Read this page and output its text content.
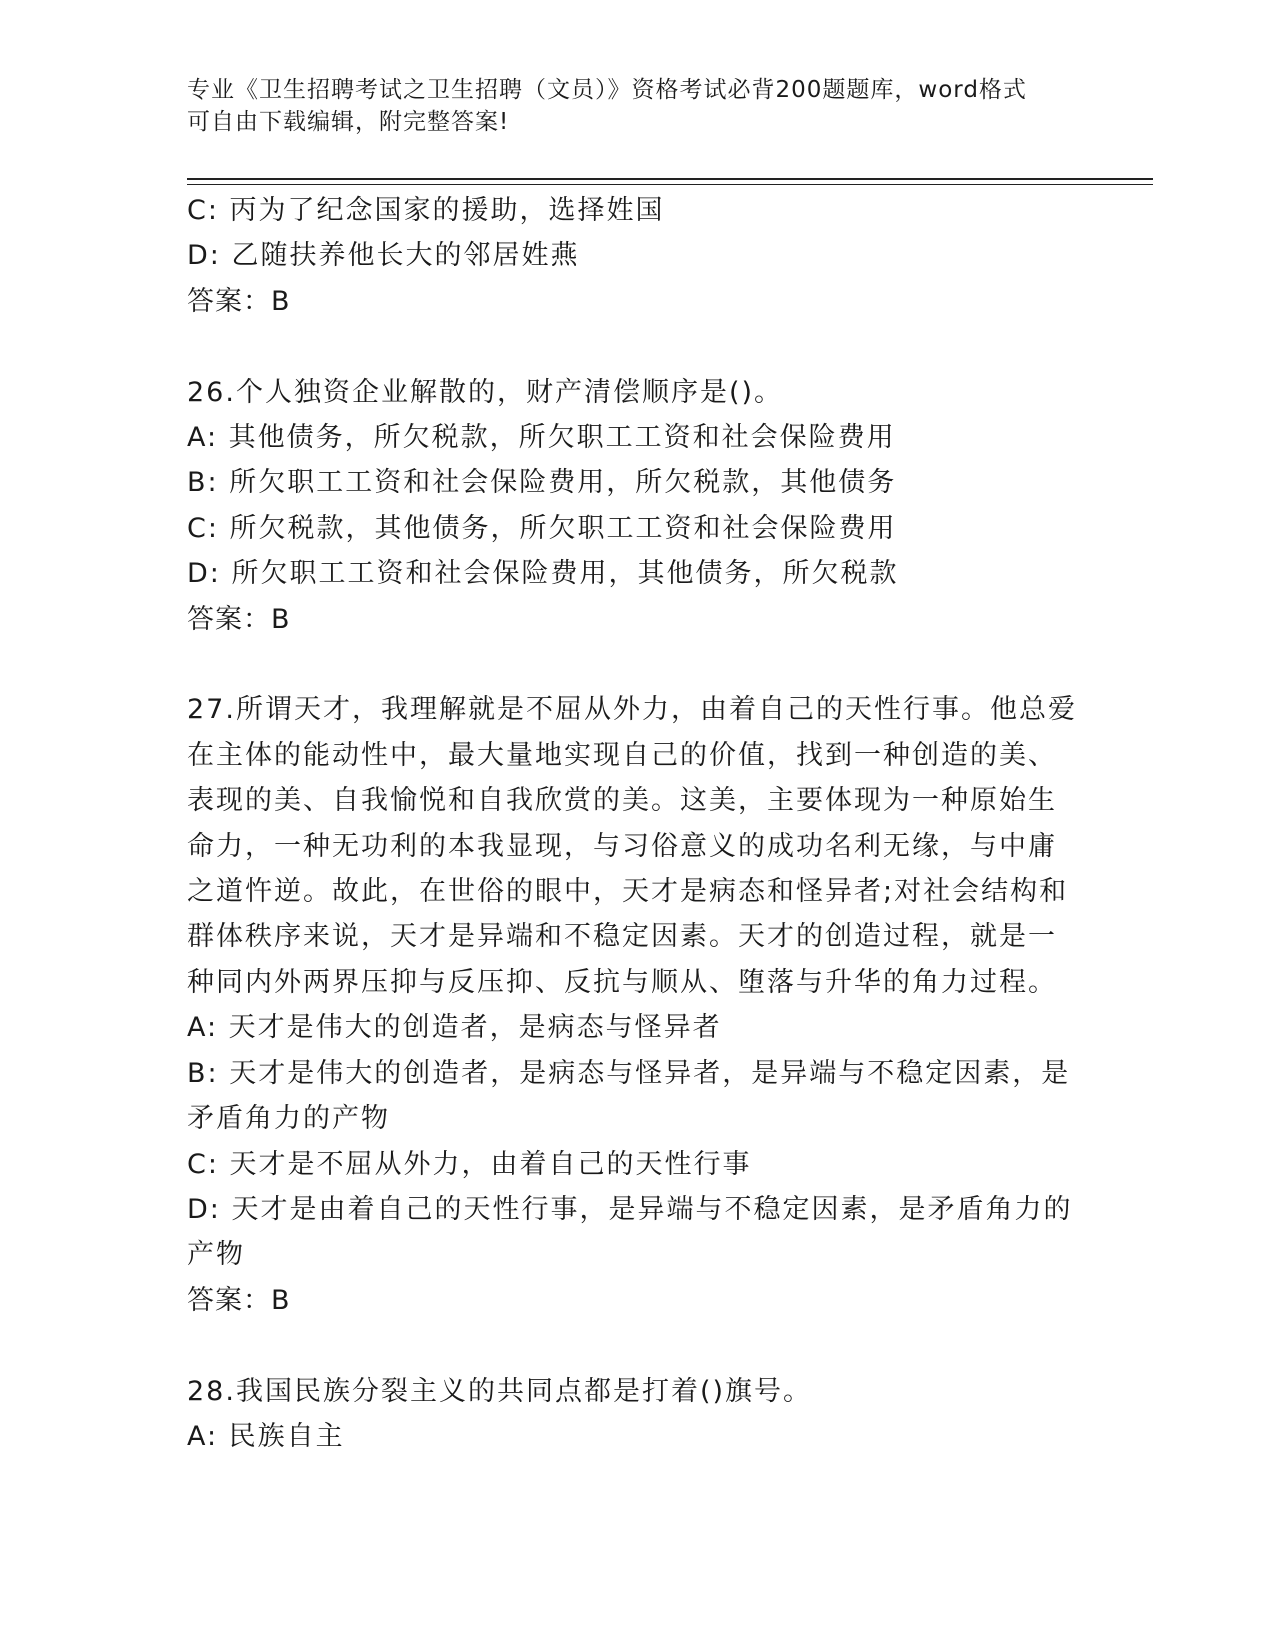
专业《卫生招聘考试之卫生招聘（文员）》资格考试必背200题题库，word格式
可自由下载编辑，附完整答案!
C: 丙为了纪念国家的援助，选择姓国
D: 乙随扶养他长大的邻居姓燕
答案：B
26.个人独资企业解散的，财产清偿顺序是()。
A: 其他债务，所欠税款，所欠职工工资和社会保险费用
B: 所欠职工工资和社会保险费用，所欠税款，其他债务
C: 所欠税款，其他债务，所欠职工工资和社会保险费用
D: 所欠职工工资和社会保险费用，其他债务，所欠税款
答案：B
27.所谓天才，我理解就是不屈从外力，由着自己的天性行事。他总爱
在主体的能动性中，最大量地实现自己的价值，找到一种创造的美、
表现的美、自我愉悦和自我欣赏的美。这美，主要体现为一种原始生
命力，一种无功利的本我显现，与习俗意义的成功名利无缘，与中庸
之道忤逆。故此，在世俗的眼中，天才是病态和怪异者;对社会结构和
群体秩序来说，天才是异端和不稳定因素。天才的创造过程，就是一
种同内外两界压抑与反压抑、反抗与顺从、堕落与升华的角力过程。
A: 天才是伟大的创造者，是病态与怪异者
B: 天才是伟大的创造者，是病态与怪异者，是异端与不稳定因素，是
矛盾角力的产物
C: 天才是不屈从外力，由着自己的天性行事
D: 天才是由着自己的天性行事，是异端与不稳定因素，是矛盾角力的
产物
答案：B
28.我国民族分裂主义的共同点都是打着()旗号。
A: 民族自主
